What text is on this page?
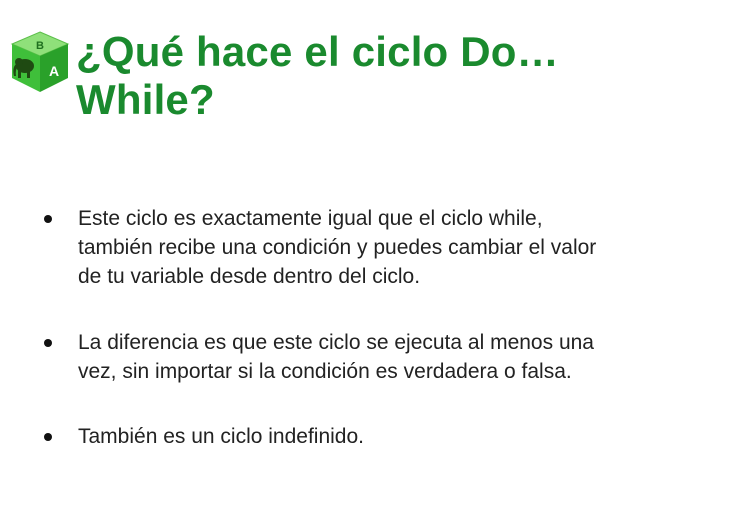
B
A ¿Qué hace el ciclo Do…
While?
Este ciclo es exactamente igual que el ciclo while,
también recibe una condición y puedes cambiar el valor
de tu variable desde dentro del ciclo.
La diferencia es que este ciclo se ejecuta al menos una
vez, sin importar si la condición es verdadera o falsa.
También es un ciclo indefinido.
